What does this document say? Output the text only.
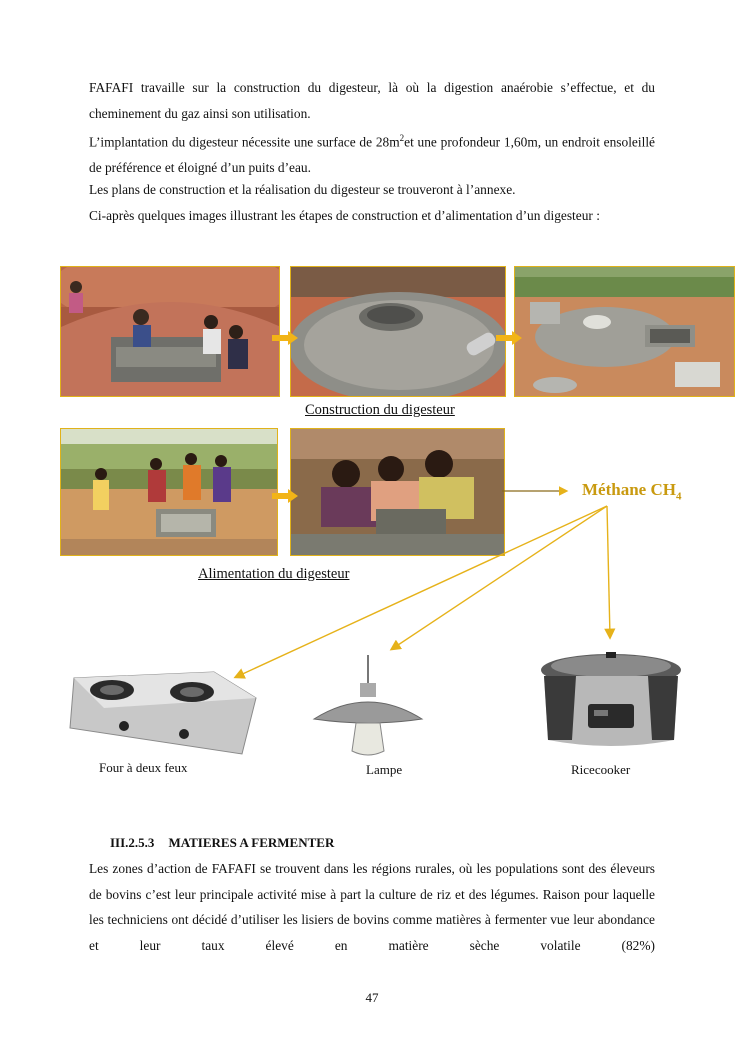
FAFAFI travaille sur la construction du digesteur, là où la digestion anaérobie s’effectue, et du cheminement du gaz ainsi son utilisation.

L’implantation du digesteur nécessite une surface de $28m^2et$ une profondeur 1,60m, un endroit ensoleillé de préférence et éloigné d’un puits d’eau.

Les plans de construction et la réalisation du digesteur se trouveront à l’annexe.

Ci-après quelques images illustrant les étapes de construction et d’alimentation d’un digesteur :

Construction du digesteur
Alimentation du digesteur
Méthane $CH_4$
Four à deux feux	Lampe	Ricecooker
III.2.5.3 MATIERES A FERMENTER

Les zones d’action de FAFAFI se trouvent dans les régions rurales, où les populations sont des éleveurs de bovins c’est leur principale activité mise à part la culture de riz et des légumes. Raison pour laquelle les techniciens ont décidé d’utiliser les lisiers de bovins comme matières à fermenter vue leur abondance et leur taux élevé en matière sèche volatile (82%)

47
